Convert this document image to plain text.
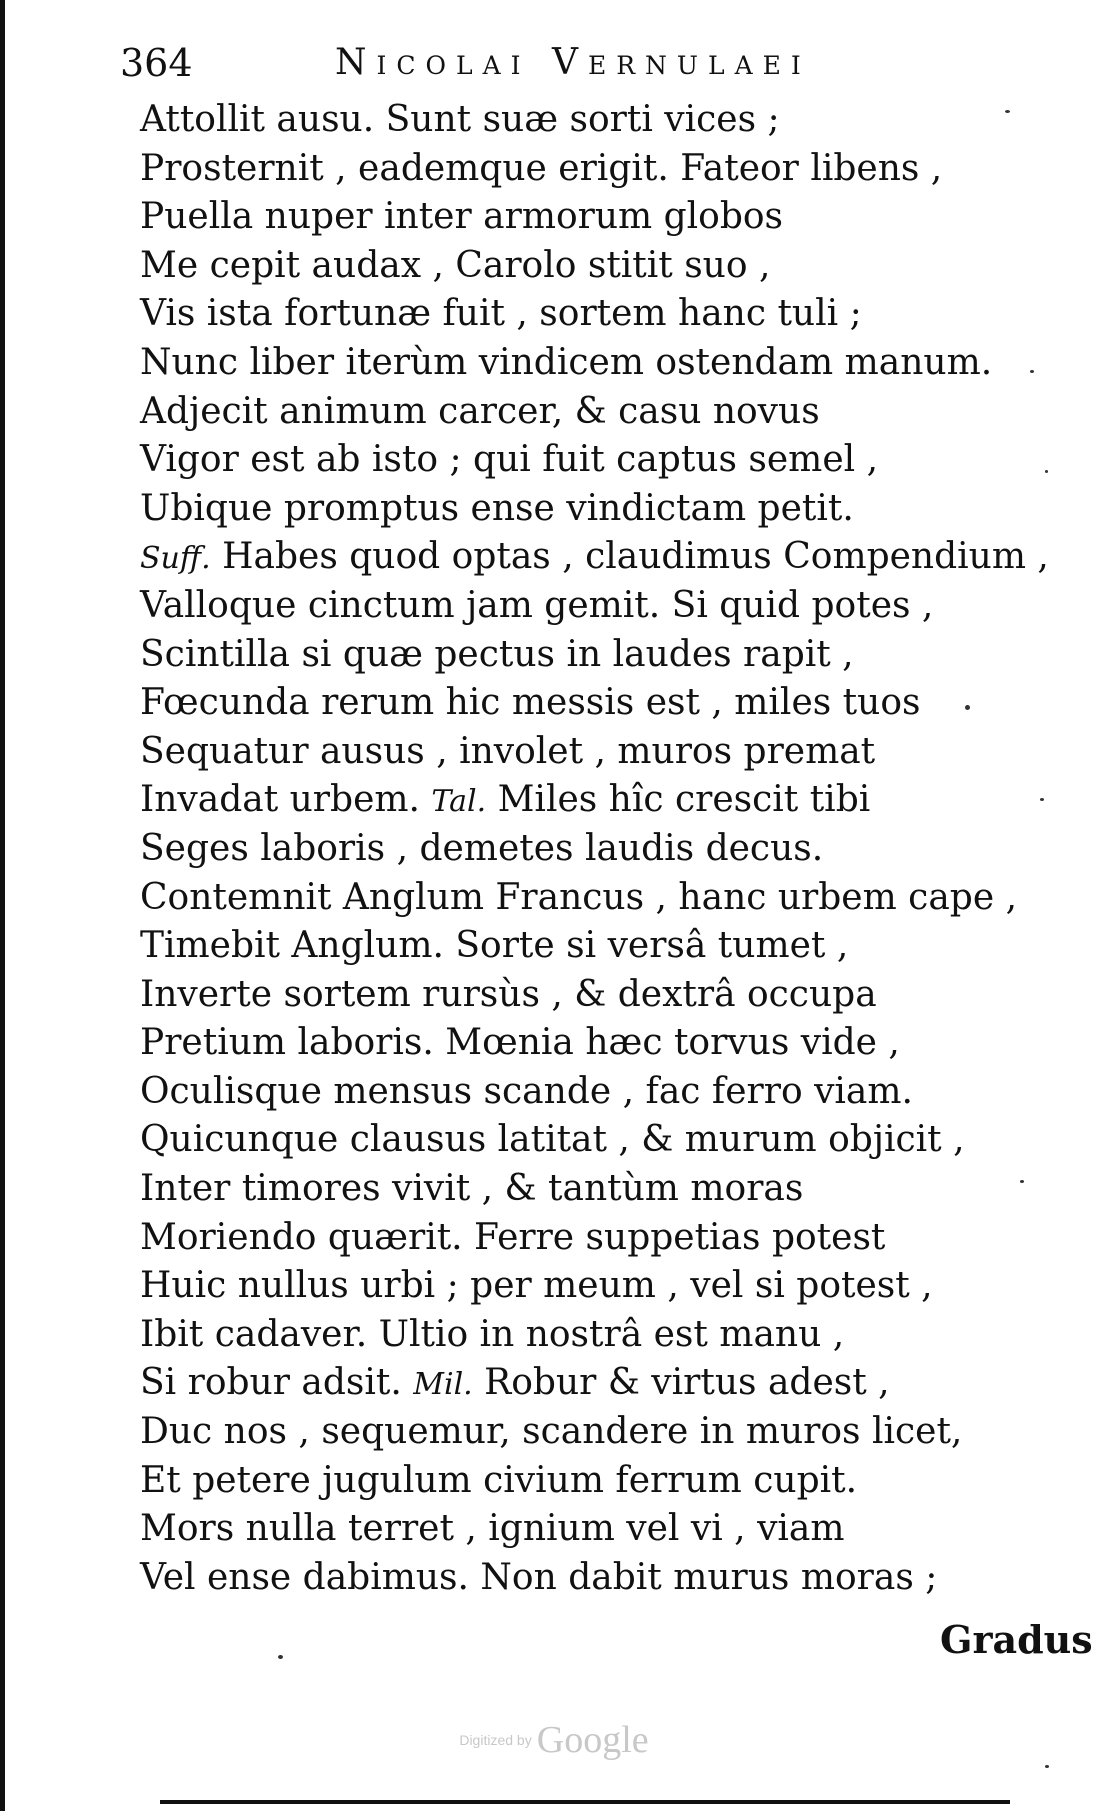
364	Nicolai Vernulaei
Attollit ausu. Sunt suæ sorti vices ;
Prosternit , eademque erigit. Fateor libens ,
Puella nuper inter armorum globos
Me cepit audax , Carolo stitit suo ,
Vis ista fortunæ fuit , sortem hanc tuli ;
Nunc liber iterùm vindicem ostendam manum.
Adjecit animum carcer, & casu novus
Vigor est ab isto ; qui fuit captus semel ,
Ubique promptus ense vindictam petit.
Suff. Habes quod optas , claudimus Compendium ,
Valloque cinctum jam gemit. Si quid potes ,
Scintilla si quæ pectus in laudes rapit ,
Fœcunda rerum hic messis est , miles tuos
Sequatur ausus , involet , muros premat
Invadat urbem. Tal. Miles hîc crescit tibi
Seges laboris , demetes laudis decus.
Contemnit Anglum Francus , hanc urbem cape ,
Timebit Anglum. Sorte si versâ tumet ,
Inverte sortem rursùs , & dextrâ occupa
Pretium laboris. Mœnia hæc torvus vide ,
Oculisque mensus scande , fac ferro viam.
Quicunque clausus latitat , & murum objicit ,
Inter timores vivit , & tantùm moras
Moriendo quærit. Ferre suppetias potest
Huic nullus urbi ; per meum , vel si potest ,
Ibit cadaver. Ultio in nostrâ est manu ,
Si robur adsit. Mil. Robur & virtus adest ,
Duc nos , sequemur, scandere in muros licet,
Et petere jugulum civium ferrum cupit.
Mors nulla terret , ignium vel vi , viam
Vel ense dabimus. Non dabit murus moras ;
Gradus
Digitized by Google
